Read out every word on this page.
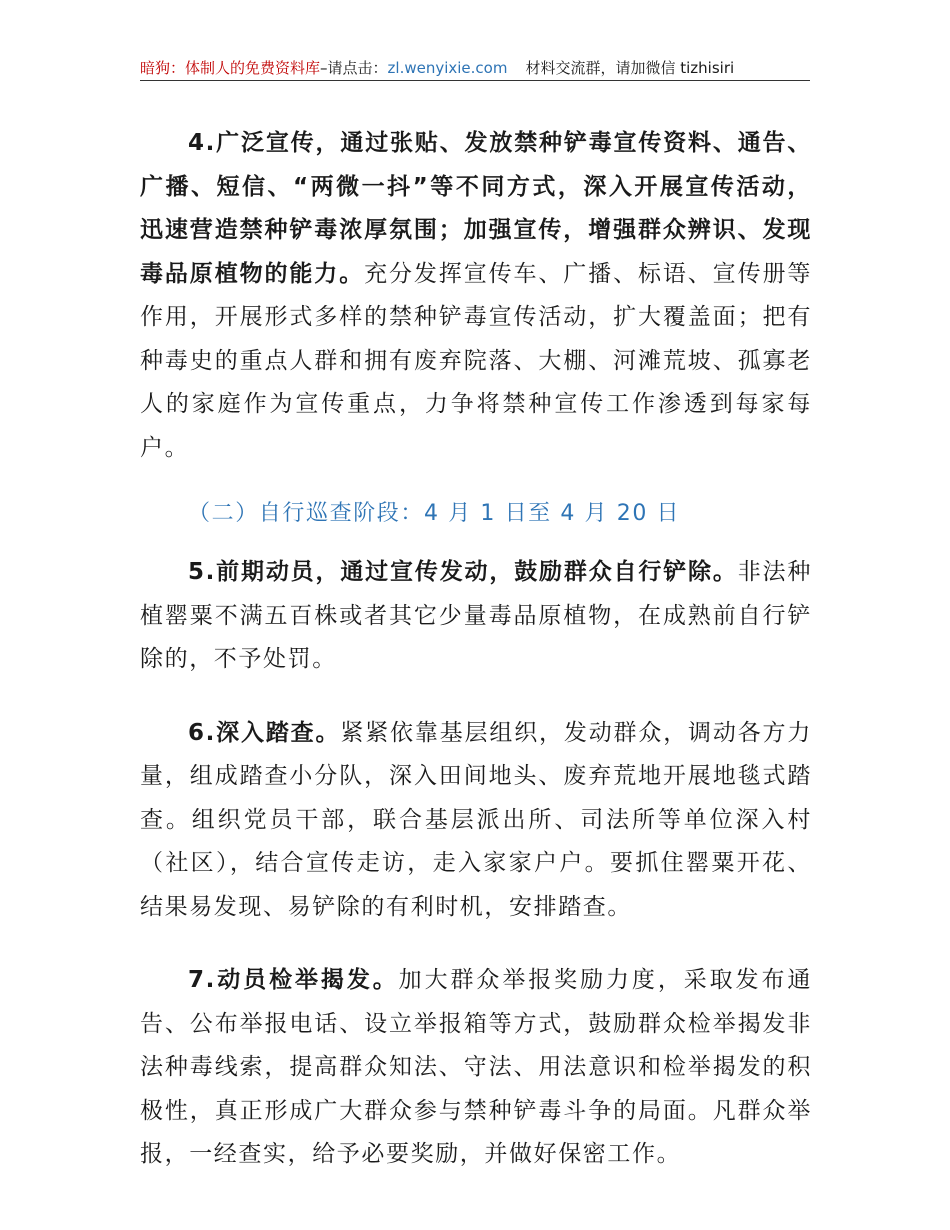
暗狗：体制人的免费资料库–请点击：zl.wenyixie.com 材料交流群，请加微信 tizhisiri

4.广泛宣传，通过张贴、发放禁种铲毒宣传资料、通告、广播、短信、“两微一抖”等不同方式，深入开展宣传活动，迅速营造禁种铲毒浓厚氛围；加强宣传，增强群众辨识、发现毒品原植物的能力。充分发挥宣传车、广播、标语、宣传册等作用，开展形式多样的禁种铲毒宣传活动，扩大覆盖面；把有种毒史的重点人群和拥有废弃院落、大棚、河滩荒坡、孤寡老人的家庭作为宣传重点，力争将禁种宣传工作渗透到每家每户。

（二）自行巡查阶段：4 月 1 日至 4 月 20 日

5.前期动员，通过宣传发动，鼓励群众自行铲除。非法种植罂粟不满五百株或者其它少量毒品原植物，在成熟前自行铲除的，不予处罚。

6.深入踏查。紧紧依靠基层组织，发动群众，调动各方力量，组成踏查小分队，深入田间地头、废弃荒地开展地毯式踏查。组织党员干部，联合基层派出所、司法所等单位深入村（社区），结合宣传走访，走入家家户户。要抓住罂粟开花、结果易发现、易铲除的有利时机，安排踏查。

7.动员检举揭发。加大群众举报奖励力度，采取发布通告、公布举报电话、设立举报箱等方式，鼓励群众检举揭发非法种毒线索，提高群众知法、守法、用法意识和检举揭发的积极性，真正形成广大群众参与禁种铲毒斗争的局面。凡群众举报，一经查实，给予必要奖励，并做好保密工作。
